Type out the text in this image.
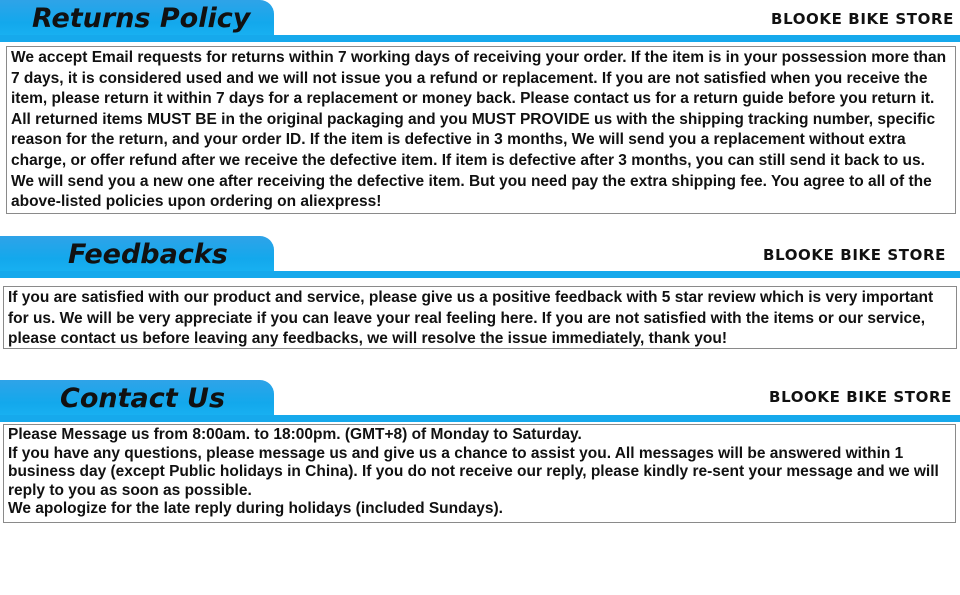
Returns Policy	BLOOKE BIKE STORE

We accept Email requests for returns within 7 working days of receiving your order. If the item is in your possession more than 7 days, it is considered used and we will not issue you a refund or replacement. If you are not satisfied when you receive the item, please return it within 7 days for a replacement or money back. Please contact us for a return guide before you return it. All returned items MUST BE in the original packaging and you MUST PROVIDE us with the shipping tracking number, specific reason for the return, and your order ID. If the item is defective in 3 months, We will send you a replacement without extra charge, or offer refund after we receive the defective item. If item is defective after 3 months, you can still send it back to us. We will send you a new one after receiving the defective item. But you need pay the extra shipping fee. You agree to all of the above-listed policies upon ordering on aliexpress!

Feedbacks	BLOOKE BIKE STORE

If you are satisfied with our product and service, please give us a positive feedback with 5 star review which is very important for us. We will be very appreciate if you can leave your real feeling here. If you are not satisfied with the items or our service, please contact us before leaving any feedbacks, we will resolve the issue immediately, thank you!

Contact Us	BLOOKE BIKE STORE

Please Message us from 8:00am. to 18:00pm. (GMT+8) of Monday to Saturday.

If you have any questions, please message us and give us a chance to assist you. All messages will be answered within 1 business day (except Public holidays in China). If you do not receive our reply, please kindly re-sent your message and we will reply to you as soon as possible.

We apologize for the late reply during holidays (included Sundays).
